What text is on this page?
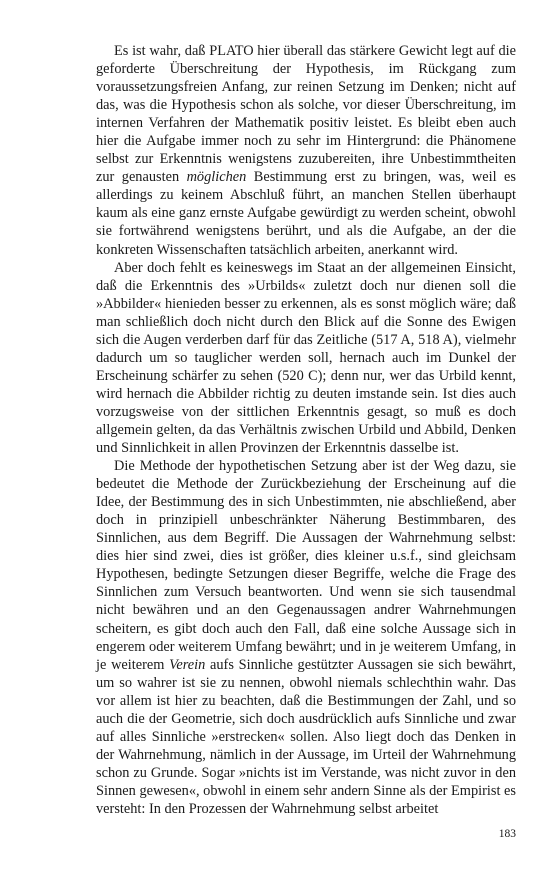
Es ist wahr, daß PLATO hier überall das stärkere Gewicht legt auf die geforderte Überschreitung der Hypothesis, im Rückgang zum voraussetzungsfreien Anfang, zur reinen Setzung im Denken; nicht auf das, was die Hypothesis schon als solche, vor dieser Überschreitung, im internen Verfahren der Mathematik positiv leistet. Es bleibt eben auch hier die Aufgabe immer noch zu sehr im Hintergrund: die Phänomene selbst zur Erkenntnis wenigstens zuzubereiten, ihre Unbestimmtheiten zur genausten möglichen Bestimmung erst zu bringen, was, weil es allerdings zu keinem Abschluß führt, an manchen Stellen überhaupt kaum als eine ganz ernste Aufgabe gewürdigt zu werden scheint, obwohl sie fortwährend wenigstens berührt, und als die Aufgabe, an der die konkreten Wissenschaften tatsächlich arbeiten, anerkannt wird.

Aber doch fehlt es keineswegs im Staat an der allgemeinen Einsicht, daß die Erkenntnis des »Urbilds« zuletzt doch nur dienen soll die »Abbilder« hienieden besser zu erkennen, als es sonst möglich wäre; daß man schließlich doch nicht durch den Blick auf die Sonne des Ewigen sich die Augen verderben darf für das Zeitliche (517 A, 518 A), vielmehr dadurch um so tauglicher werden soll, hernach auch im Dunkel der Erscheinung schärfer zu sehen (520 C); denn nur, wer das Urbild kennt, wird hernach die Abbilder richtig zu deuten imstande sein. Ist dies auch vorzugsweise von der sittlichen Erkenntnis gesagt, so muß es doch allgemein gelten, da das Verhältnis zwischen Urbild und Abbild, Denken und Sinnlichkeit in allen Provinzen der Erkenntnis dasselbe ist.

Die Methode der hypothetischen Setzung aber ist der Weg dazu, sie bedeutet die Methode der Zurückbeziehung der Erscheinung auf die Idee, der Bestimmung des in sich Unbestimmten, nie abschließend, aber doch in prinzipiell unbeschränkter Näherung Bestimmbaren, des Sinnlichen, aus dem Begriff. Die Aussagen der Wahrnehmung selbst: dies hier sind zwei, dies ist größer, dies kleiner u.s.f., sind gleichsam Hypothesen, bedingte Setzungen dieser Begriffe, welche die Frage des Sinnlichen zum Versuch beantworten. Und wenn sie sich tausendmal nicht bewähren und an den Gegenaussagen andrer Wahrnehmungen scheitern, es gibt doch auch den Fall, daß eine solche Aussage sich in engerem oder weiterem Umfang bewährt; und in je weiterem Umfang, in je weiterem Verein aufs Sinnliche gestützter Aussagen sie sich bewährt, um so wahrer ist sie zu nennen, obwohl niemals schlechthin wahr. Das vor allem ist hier zu beachten, daß die Bestimmungen der Zahl, und so auch die der Geometrie, sich doch ausdrücklich aufs Sinnliche und zwar auf alles Sinnliche »erstrecken« sollen. Also liegt doch das Denken in der Wahrnehmung, nämlich in der Aussage, im Urteil der Wahrnehmung schon zu Grunde. Sogar »nichts ist im Verstande, was nicht zuvor in den Sinnen gewesen«, obwohl in einem sehr andern Sinne als der Empirist es versteht: In den Prozessen der Wahrnehmung selbst arbeitet

183
